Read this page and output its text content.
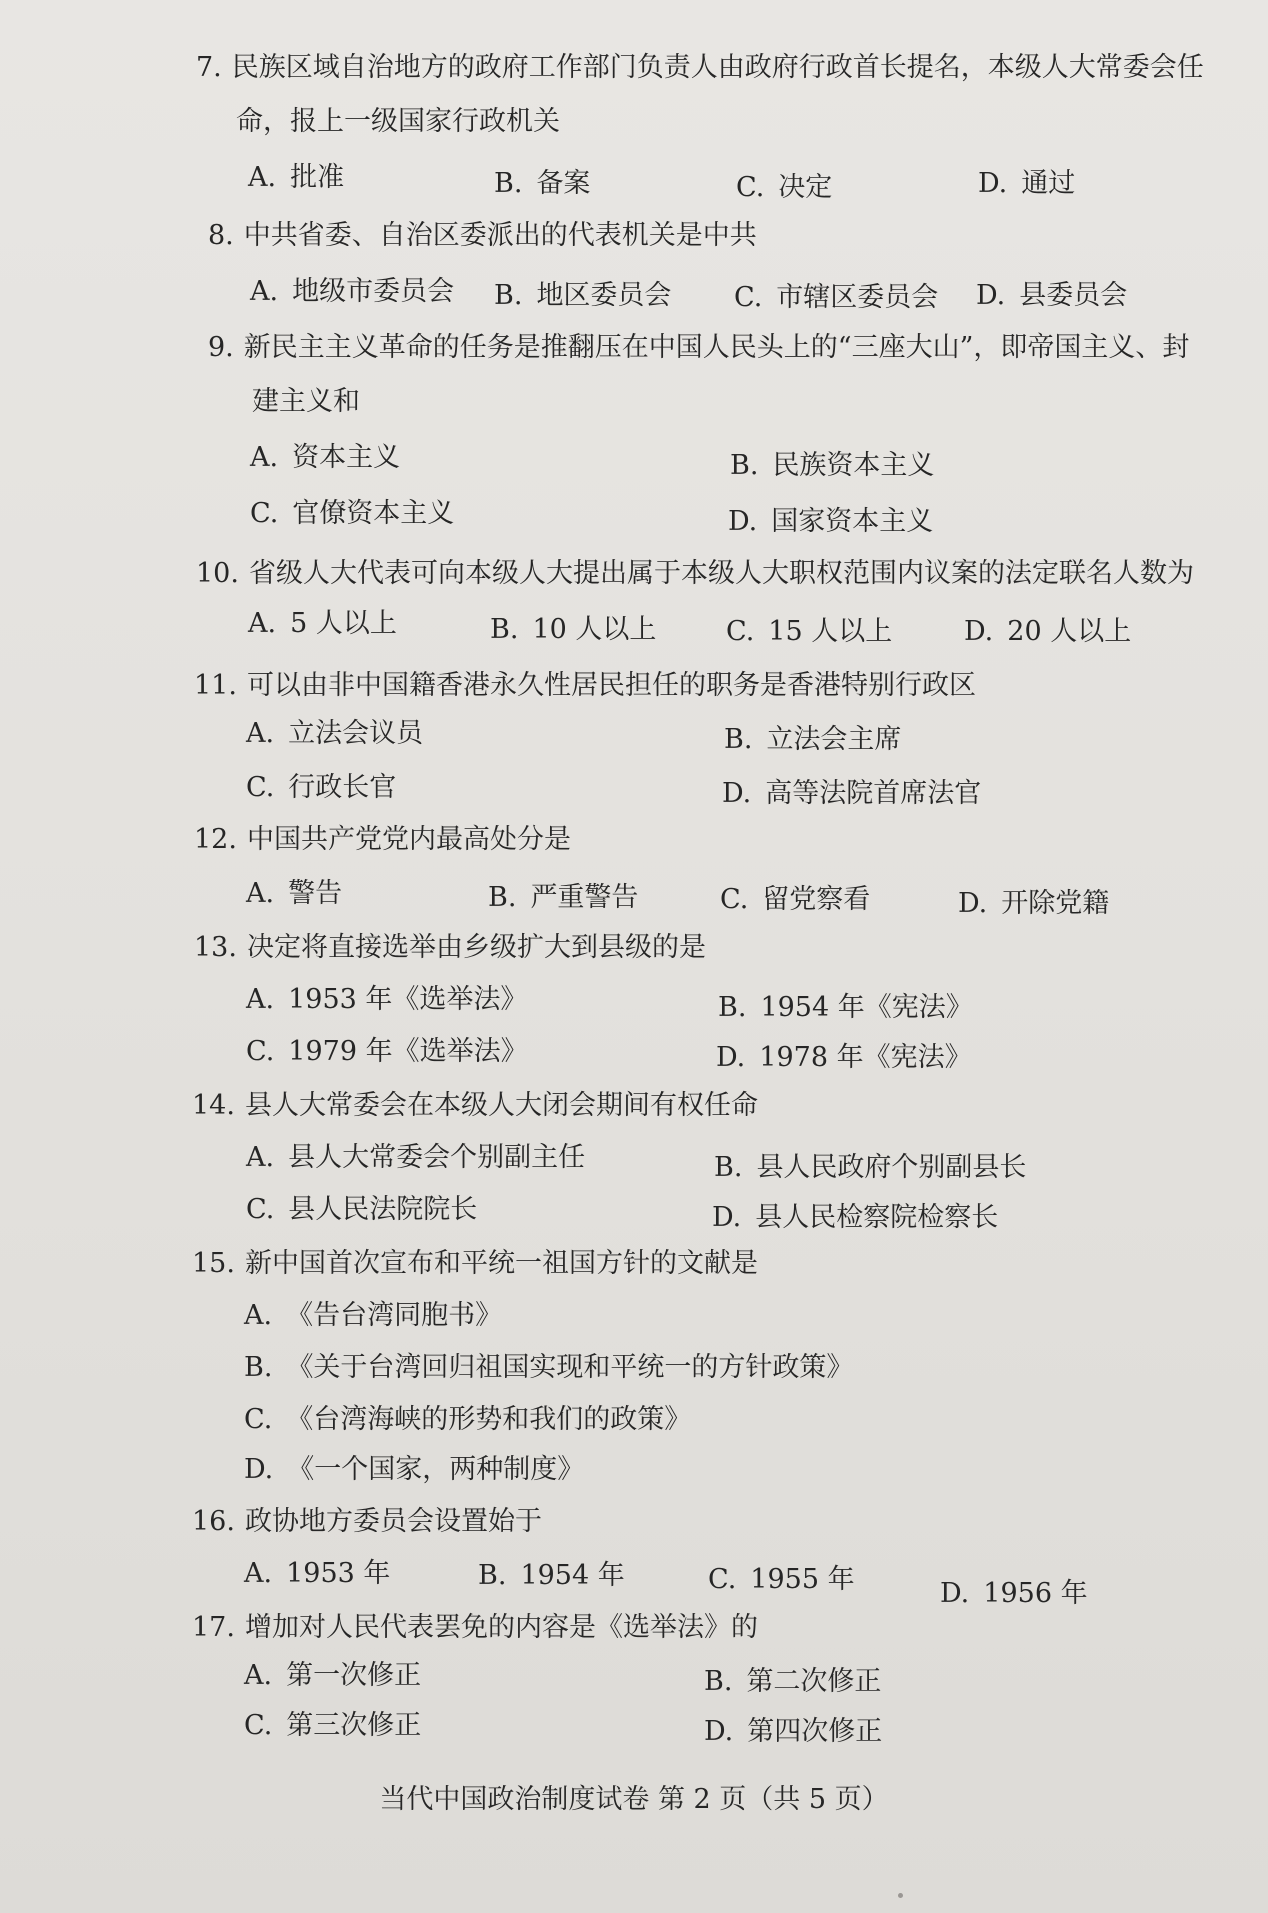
7. 民族区域自治地方的政府工作部门负责人由政府行政首长提名，本级人大常委会任
命，报上一级国家行政机关
A. 批准	B. 备案	C. 决定	D. 通过
8. 中共省委、自治区委派出的代表机关是中共
A. 地级市委员会 B. 地区委员会 C. 市辖区委员会 D. 县委员会
9. 新民主主义革命的任务是推翻压在中国人民头上的“三座大山”，即帝国主义、封
建主义和
A. 资本主义	B. 民族资本主义
C. 官僚资本主义	D. 国家资本主义
10. 省级人大代表可向本级人大提出属于本级人大职权范围内议案的法定联名人数为
A. 5 人以上	B. 10 人以上	C. 15 人以上	D. 20 人以上
11. 可以由非中国籍香港永久性居民担任的职务是香港特别行政区
A. 立法会议员	B. 立法会主席
C. 行政长官	D. 高等法院首席法官
12. 中国共产党党内最高处分是
A. 警告	B. 严重警告	C. 留党察看	D. 开除党籍
13. 决定将直接选举由乡级扩大到县级的是
A. 1953 年《选举法》	B. 1954 年《宪法》
C. 1979 年《选举法》	D. 1978 年《宪法》
14. 县人大常委会在本级人大闭会期间有权任命
A. 县人大常委会个别副主任	B. 县人民政府个别副县长
C. 县人民法院院长	D. 县人民检察院检察长
15. 新中国首次宣布和平统一祖国方针的文献是
A. 《告台湾同胞书》
B. 《关于台湾回归祖国实现和平统一的方针政策》
C. 《台湾海峡的形势和我们的政策》
D. 《一个国家，两种制度》
16. 政协地方委员会设置始于
A. 1953 年	B. 1954 年	C. 1955 年	D. 1956 年
17. 增加对人民代表罢免的内容是《选举法》的
A. 第一次修正	B. 第二次修正
C. 第三次修正	D. 第四次修正
当代中国政治制度试卷 第 2 页（共 5 页）
